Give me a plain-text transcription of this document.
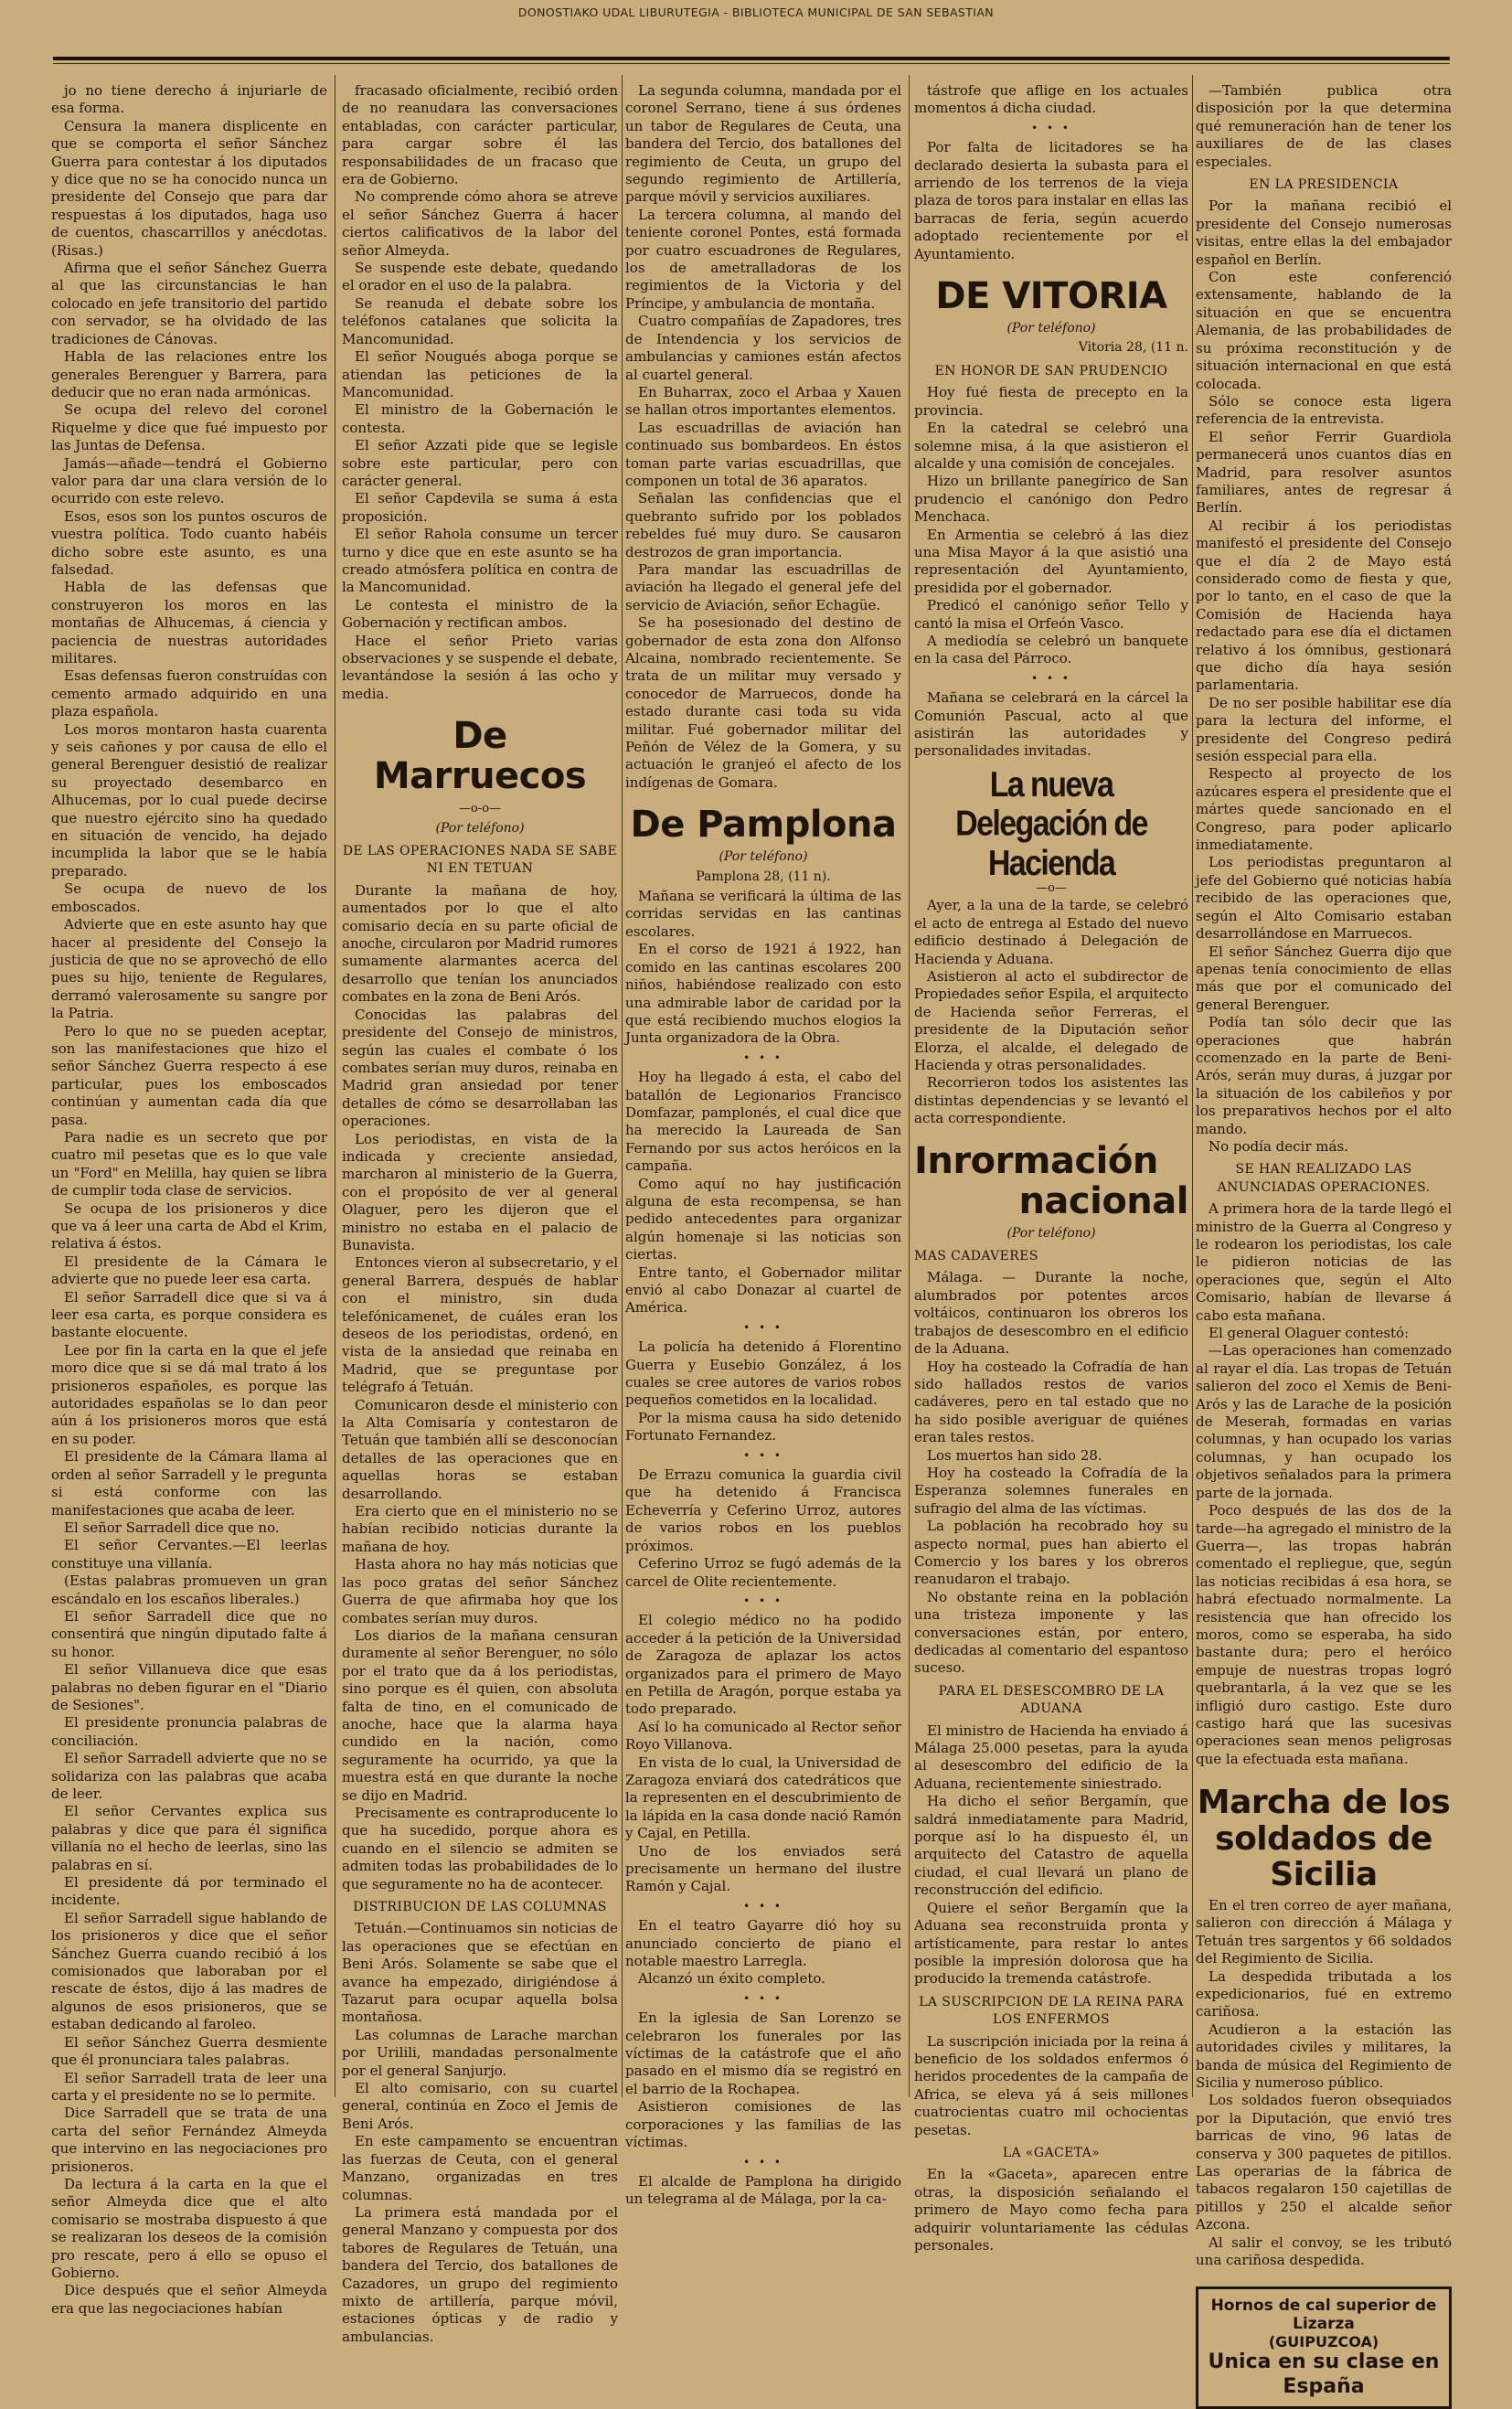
DONOSTIAKO UDAL LIBURUTEGIA - BIBLIOTECA MUNICIPAL DE SAN SEBASTIAN

jo no tiene derecho á injuriarle de esa forma.

Censura la manera displicente en que se comporta el señor Sánchez Guerra para contestar á los diputados y dice que no se ha conocido nunca un presidente del Consejo que para dar respuestas á los diputados, haga uso de cuentos, chascarrillos y anécdotas. (Risas.)

Afirma que el señor Sánchez Guerra al que las circunstancias le han colocado en jefe transitorio del partido con servador, se ha olvidado de las tradiciones de Cánovas.

Habla de las relaciones entre los generales Berenguer y Barrera, para deducir que no eran nada armónicas.

Se ocupa del relevo del coronel Riquelme y dice que fué impuesto por las Juntas de Defensa.

Jamás—añade—tendrá el Gobierno valor para dar una clara versión de lo ocurrido con este relevo.

Esos, esos son los puntos oscuros de vuestra política. Todo cuanto habéis dicho sobre este asunto, es una falsedad.

Habla de las defensas que construyeron los moros en las montañas de Alhucemas, á ciencia y paciencia de nuestras autoridades militares.

Esas defensas fueron construídas con cemento armado adquirido en una plaza española.

Los moros montaron hasta cuarenta y seis cañones y por causa de ello el general Berenguer desistió de realizar su proyectado desembarco en Alhucemas, por lo cual puede decirse que nuestro ejército sino ha quedado en situación de vencido, ha dejado incumplida la labor que se le había preparado.

Se ocupa de nuevo de los emboscados.

Advierte que en este asunto hay que hacer al presidente del Consejo la justicia de que no se aprovechó de ello pues su hijo, teniente de Regulares, derramó valerosamente su sangre por la Patria.

Pero lo que no se pueden aceptar, son las manifestaciones que hizo el señor Sánchez Guerra respecto á ese particular, pues los emboscados continúan y aumentan cada día que pasa.

Para nadie es un secreto que por cuatro mil pesetas que es lo que vale un "Ford" en Melilla, hay quien se libra de cumplir toda clase de servicios.

Se ocupa de los prisioneros y dice que va á leer una carta de Abd el Krim, relativa á éstos.

El presidente de la Cámara le advierte que no puede leer esa carta.

El señor Sarradell dice que si va á leer esa carta, es porque considera es bastante elocuente.

Lee por fin la carta en la que el jefe moro dice que si se dá mal trato á los prisioneros españoles, es porque las autoridades españolas se lo dan peor aún á los prisioneros moros que está en su poder.

El presidente de la Cámara llama al orden al señor Sarradell y le pregunta si está conforme con las manifestaciones que acaba de leer.

El señor Sarradell dice que no.

El señor Cervantes.—El leerlas constituye una villanía.

(Estas palabras promueven un gran escándalo en los escaños liberales.)

El señor Sarradell dice que no consentirá que ningún diputado falte á su honor.

El señor Villanueva dice que esas palabras no deben figurar en el "Diario de Sesiones".

El presidente pronuncia palabras de conciliación.

El señor Sarradell advierte que no se solidariza con las palabras que acaba de leer.

El señor Cervantes explica sus palabras y dice que para él significa villanía no el hecho de leerlas, sino las palabras en sí.

El presidente dá por terminado el incidente.

El señor Sarradell sigue hablando de los prisioneros y dice que el señor Sánchez Guerra cuando recibió á los comisionados que laboraban por el rescate de éstos, dijo á las madres de algunos de esos prisioneros, que se estaban dedicando al faroleo.

El señor Sánchez Guerra desmiente que él pronunciara tales palabras.

El señor Sarradell trata de leer una carta y el presidente no se lo permite.

Dice Sarradell que se trata de una carta del señor Fernández Almeyda que intervino en las negociaciones pro prisioneros.

Da lectura á la carta en la que el señor Almeyda dice que el alto comisario se mostraba dispuesto á que se realizaran los deseos de la comisión pro rescate, pero á ello se opuso el Gobierno.

Dice después que el señor Almeyda era que las negociaciones habían

fracasado oficialmente, recibió orden de no reanudara las conversaciones entabladas, con carácter particular, para cargar sobre él las responsabilidades de un fracaso que era de Gobierno.

No comprende cómo ahora se atreve el señor Sánchez Guerra á hacer ciertos calificativos de la labor del señor Almeyda.

Se suspende este debate, quedando el orador en el uso de la palabra.

Se reanuda el debate sobre los teléfonos catalanes que solicita la Mancomunidad.

El señor Nougués aboga porque se atiendan las peticiones de la Mancomunidad.

El ministro de la Gobernación le contesta.

El señor Azzati pide que se legisle sobre este particular, pero con carácter general.

El señor Capdevila se suma á esta proposición.

El señor Rahola consume un tercer turno y dice que en este asunto se ha creado atmósfera política en contra de la Mancomunidad.

Le contesta el ministro de la Gobernación y rectifican ambos.

Hace el señor Prieto varias observaciones y se suspende el debate, levantándose la sesión á las ocho y media.

De Marruecos
—o-o—
(Por teléfono)
DE LAS OPERACIONES NADA SE SABE NI EN TETUAN

Durante la mañana de hoy, aumentados por lo que el alto comisario decía en su parte oficial de anoche, circularon por Madrid rumores sumamente alarmantes acerca del desarrollo que tenían los anunciados combates en la zona de Beni Arós.

Conocidas las palabras del presidente del Consejo de ministros, según las cuales el combate ó los combates serían muy duros, reinaba en Madrid gran ansiedad por tener detalles de cómo se desarrollaban las operaciones.

Los periodistas, en vista de la indicada y creciente ansiedad, marcharon al ministerio de la Guerra, con el propósito de ver al general Olaguer, pero les dijeron que el ministro no estaba en el palacio de Bunavista.

Entonces vieron al subsecretario, y el general Barrera, después de hablar con el ministro, sin duda telefónicamenet, de cuáles eran los deseos de los periodistas, ordenó, en vista de la ansiedad que reinaba en Madrid, que se preguntase por telégrafo á Tetuán.

Comunicaron desde el ministerio con la Alta Comisaría y contestaron de Tetuán que también allí se desconocían detalles de las operaciones que en aquellas horas se estaban desarrollando.

Era cierto que en el ministerio no se habían recibido noticias durante la mañana de hoy.

Hasta ahora no hay más noticias que las poco gratas del señor Sánchez Guerra de que afirmaba hoy que los combates serían muy duros.

Los diarios de la mañana censuran duramente al señor Berenguer, no sólo por el trato que da á los periodistas, sino porque es él quien, con absoluta falta de tino, en el comunicado de anoche, hace que la alarma haya cundido en la nación, como seguramente ha ocurrido, ya que la muestra está en que durante la noche se dijo en Madrid.

Precisamente es contraproducente lo que ha sucedido, porque ahora es cuando en el silencio se admiten se admiten todas las probabilidades de lo que seguramente no ha de acontecer.

DISTRIBUCION DE LAS COLUMNAS

Tetuán.—Continuamos sin noticias de las operaciones que se efectúan en Beni Arós. Solamente se sabe que el avance ha empezado, dirigiéndose á Tazarut para ocupar aquella bolsa montañosa.

Las columnas de Larache marchan por Urilili, mandadas personalmente por el general Sanjurjo.

El alto comisario, con su cuartel general, continúa en Zoco el Jemis de Beni Arós.

En este campamento se encuentran las fuerzas de Ceuta, con el general Manzano, organizadas en tres columnas.

La primera está mandada por el general Manzano y compuesta por dos tabores de Regulares de Tetuán, una bandera del Tercio, dos batallones de Cazadores, un grupo del regimiento mixto de artillería, parque móvil, estaciones ópticas y de radio y ambulancias.

La segunda columna, mandada por el coronel Serrano, tiene á sus órdenes un tabor de Regulares de Ceuta, una bandera del Tercio, dos batallones del regimiento de Ceuta, un grupo del segundo regimiento de Artillería, parque móvil y servicios auxiliares.

La tercera columna, al mando del teniente coronel Pontes, está formada por cuatro escuadrones de Regulares, los de ametralladoras de los regimientos de la Victoria y del Príncipe, y ambulancia de montaña.

Cuatro compañías de Zapadores, tres de Intendencia y los servicios de ambulancias y camiones están afectos al cuartel general.

En Buharrax, zoco el Arbaa y Xauen se hallan otros importantes elementos.

Las escuadrillas de aviación han continuado sus bombardeos. En éstos toman parte varias escuadrillas, que componen un total de 36 aparatos.

Señalan las confidencias que el quebranto sufrido por los poblados rebeldes fué muy duro. Se causaron destrozos de gran importancia.

Para mandar las escuadrillas de aviación ha llegado el general jefe del servicio de Aviación, señor Echagüe.

Se ha posesionado del destino de gobernador de esta zona don Alfonso Alcaina, nombrado recientemente. Se trata de un militar muy versado y conocedor de Marruecos, donde ha estado durante casi toda su vida militar. Fué gobernador militar del Peñón de Vélez de la Gomera, y su actuación le granjeó el afecto de los indígenas de Gomara.

De Pamplona
(Por teléfono)
Pamplona 28, (11 n).

Mañana se verificará la última de las corridas servidas en las cantinas escolares.

En el corso de 1921 á 1922, han comido en las cantinas escolares 200 niños, habiéndose realizado con esto una admirable labor de caridad por la que está recibiendo muchos elogios la Junta organizadora de la Obra.

• • •

Hoy ha llegado á esta, el cabo del batallón de Legionarios Francisco Domfazar, pamplonés, el cual dice que ha merecido la Laureada de San Fernando por sus actos heróicos en la campaña.

Como aquí no hay justificación alguna de esta recompensa, se han pedido antecedentes para organizar algún homenaje si las noticias son ciertas.

Entre tanto, el Gobernador militar envió al cabo Donazar al cuartel de América.

• • •

La policía ha detenido á Florentino Guerra y Eusebio González, á los cuales se cree autores de varios robos pequeños cometidos en la localidad.

Por la misma causa ha sido detenido Fortunato Fernandez.

• • •

De Errazu comunica la guardia civil que ha detenido á Francisca Echeverría y Ceferino Urroz, autores de varios robos en los pueblos próximos.

Ceferino Urroz se fugó además de la carcel de Olite recientemente.

• • •

El colegio médico no ha podido acceder á la petición de la Universidad de Zaragoza de aplazar los actos organizados para el primero de Mayo en Petilla de Aragón, porque estaba ya todo preparado.

Así lo ha comunicado al Rector señor Royo Villanova.

En vista de lo cual, la Universidad de Zaragoza enviará dos catedráticos que la representen en el descubrimiento de la lápida en la casa donde nació Ramón y Cajal, en Petilla.

Uno de los enviados será precisamente un hermano del ilustre Ramón y Cajal.

• • •

En el teatro Gayarre dió hoy su anunciado concierto de piano el notable maestro Larregla.

Alcanzó un éxito completo.

• • •

En la iglesia de San Lorenzo se celebraron los funerales por las víctimas de la catástrofe que el año pasado en el mismo día se registró en el barrio de la Rochapea.

Asistieron comisiones de las corporaciones y las familias de las víctimas.

• • •

El alcalde de Pamplona ha dirigido un telegrama al de Málaga, por la ca-

tástrofe que aflige en los actuales momentos á dicha ciudad.

• • •

Por falta de licitadores se ha declarado desierta la subasta para el arriendo de los terrenos de la vieja plaza de toros para instalar en ellas las barracas de feria, según acuerdo adoptado recientemente por el Ayuntamiento.

DE VITORIA
(Por teléfono)
Vitoria 28, (11 n.
EN HONOR DE SAN PRUDENCIO

Hoy fué fiesta de precepto en la provincia.

En la catedral se celebró una solemne misa, á la que asistieron el alcalde y una comisión de concejales.

Hizo un brillante panegírico de San prudencio el canónigo don Pedro Menchaca.

En Armentia se celebró á las diez una Misa Mayor á la que asistió una representación del Ayuntamiento, presidida por el gobernador.

Predicó el canónigo señor Tello y cantó la misa el Orfeón Vasco.

A mediodía se celebró un banquete en la casa del Párroco.

• • •

Mañana se celebrará en la cárcel la Comunión Pascual, acto al que asistirán las autoridades y personalidades invitadas.

La nueva Delegación de Hacienda
—o—

Ayer, a la una de la tarde, se celebró el acto de entrega al Estado del nuevo edificio destinado á Delegación de Hacienda y Aduana.

Asistieron al acto el subdirector de Propiedades señor Espila, el arquitecto de Hacienda señor Ferreras, el presidente de la Diputación señor Elorza, el alcalde, el delegado de Hacienda y otras personalidades.

Recorrieron todos los asistentes las distintas dependencias y se levantó el acta correspondiente.

Inrormación
nacional
(Por teléfono)
MAS CADAVERES

Málaga. — Durante la noche, alumbrados por potentes arcos voltáicos, continuaron los obreros los trabajos de desescombro en el edificio de la Aduana.

Hoy ha costeado la Cofradía de han sido hallados restos de varios cadáveres, pero en tal estado que no ha sido posible averiguar de quiénes eran tales restos.

Los muertos han sido 28.

Hoy ha costeado la Cofradía de la Esperanza solemnes funerales en sufragio del alma de las víctimas.

La población ha recobrado hoy su aspecto normal, pues han abierto el Comercio y los bares y los obreros reanudaron el trabajo.

No obstante reina en la población una tristeza imponente y las conversaciones están, por entero, dedicadas al comentario del espantoso suceso.

PARA EL DESESCOMBRO DE LA ADUANA

El ministro de Hacienda ha enviado á Málaga 25.000 pesetas, para la ayuda al desescombro del edificio de la Aduana, recientemente siniestrado.

Ha dicho el señor Bergamín, que saldrá inmediatamente para Madrid, porque así lo ha dispuesto él, un arquitecto del Catastro de aquella ciudad, el cual llevará un plano de reconstrucción del edificio.

Quiere el señor Bergamín que la Aduana sea reconstruida pronta y artísticamente, para restar lo antes posible la impresión dolorosa que ha producido la tremenda catástrofe.

LA SUSCRIPCION DE LA REINA PARA LOS ENFERMOS

La suscripción iniciada por la reina á beneficio de los soldados enfermos ó heridos procedentes de la campaña de Africa, se eleva yá á seis millones cuatrocientas cuatro mil ochocientas pesetas.

LA «GACETA»

En la «Gaceta», aparecen entre otras, la disposición señalando el primero de Mayo como fecha para adquirir voluntariamente las cédulas personales.

—También publica otra disposición por la que determina qué remuneración han de tener los auxiliares de de las clases especiales.

EN LA PRESIDENCIA

Por la mañana recibió el presidente del Consejo numerosas visitas, entre ellas la del embajador español en Berlín.

Con este conferenció extensamente, hablando de la situación en que se encuentra Alemania, de las probabilidades de su próxima reconstitución y de situación internacional en que está colocada.

Sólo se conoce esta ligera referencia de la entrevista.

El señor Ferrir Guardiola permanecerá unos cuantos días en Madrid, para resolver asuntos familiares, antes de regresar á Berlín.

Al recibir á los periodistas manifestó el presidente del Consejo que el día 2 de Mayo está considerado como de fiesta y que, por lo tanto, en el caso de que la Comisión de Hacienda haya redactado para ese día el dictamen relativo á los ómnibus, gestionará que dicho día haya sesión parlamentaria.

De no ser posible habilitar ese día para la lectura del informe, el presidente del Congreso pedirá sesión esspecial para ella.

Respecto al proyecto de los azúcares espera el presidente que el mártes quede sancionado en el Congreso, para poder aplicarlo inmediatamente.

Los periodistas preguntaron al jefe del Gobierno qué noticias había recibido de las operaciones que, según el Alto Comisario estaban desarrollándose en Marruecos.

El señor Sánchez Guerra dijo que apenas tenía conocimiento de ellas más que por el comunicado del general Berenguer.

Podía tan sólo decir que las operaciones que habrán ccomenzado en la parte de Beni-Arós, serán muy duras, á juzgar por la situación de los cabileños y por los preparativos hechos por el alto mando.

No podía decir más.

SE HAN REALIZADO LAS ANUNCIADAS OPERACIONES.

A primera hora de la tarde llegó el ministro de la Guerra al Congreso y le rodearon los periodistas, los cale le pidieron noticias de las operaciones que, según el Alto Comisario, habían de llevarse á cabo esta mañana.

El general Olaguer contestó:

—Las operaciones han comenzado al rayar el día. Las tropas de Tetuán salieron del zoco el Xemis de Beni-Arós y las de Larache de la posición de Meserah, formadas en varias columnas, y han ocupado los varias columnas, y han ocupado los objetivos señalados para la primera parte de la jornada.

Poco después de las dos de la tarde—ha agregado el ministro de la Guerra—, las tropas habrán comentado el repliegue, que, según las noticias recibidas á esa hora, se habrá efectuado normalmente. La resistencia que han ofrecido los moros, como se esperaba, ha sido bastante dura; pero el heróico empuje de nuestras tropas logró quebrantarla, á la vez que se les infligió duro castigo. Este duro castigo hará que las sucesivas operaciones sean menos peligrosas que la efectuada esta mañana.

Marcha de los soldados de Sicilia

En el tren correo de ayer mañana, salieron con dirección á Málaga y Tetuán tres sargentos y 66 soldados del Regimiento de Sicilia.

La despedida tributada a los expedicionarios, fué en extremo cariñosa.

Acudieron a la estación las autoridades civiles y militares, la banda de música del Regimiento de Sicilia y numeroso público.

Los soldados fueron obsequiados por la Diputación, que envió tres barricas de vino, 96 latas de conserva y 300 paquetes de pitillos. Las operarias de la fábrica de tabacos regalaron 150 cajetillas de pitillos y 250 el alcalde señor Azcona.

Al salir el convoy, se les tributó una cariñosa despedida.

Hornos de cal superior de Lizarza
(GUIPUZCOA)
Unica en su clase en España
